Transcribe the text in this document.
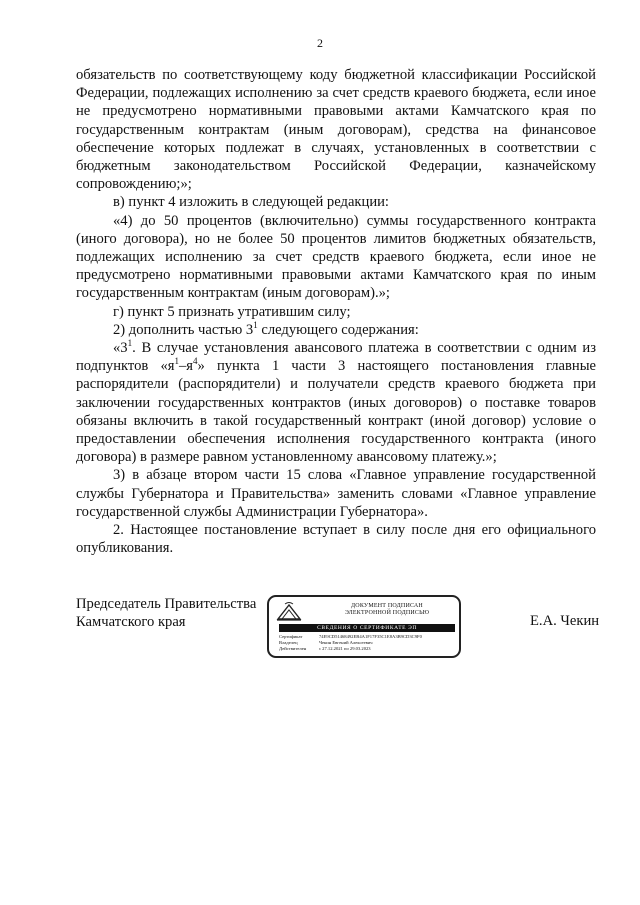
2

обязательств по соответствующему коду бюджетной классификации Российской Федерации, подлежащих исполнению за счет средств краевого бюджета, если иное не предусмотрено нормативными правовыми актами Камчатского края по государственным контрактам (иным договорам), средства на финансовое обеспечение которых подлежат в случаях, установленных в соответствии с бюджетным законодательством Российской Федерации, казначейскому сопровождению;»;

в) пункт 4 изложить в следующей редакции:

«4) до 50 процентов (включительно) суммы государственного контракта (иного договора), но не более 50 процентов лимитов бюджетных обязательств, подлежащих исполнению за счет средств краевого бюджета, если иное не предусмотрено нормативными правовыми актами Камчатского края по иным государственным контрактам (иным договорам).»;

г) пункт 5 признать утратившим силу;

2) дополнить частью $3^1$ следующего содержания:

«$3^1$. В случае установления авансового платежа в соответствии с одним из подпунктов «$я^1-я^4$» пункта 1 части 3 настоящего постановления главные распорядители (распорядители) и получатели средств краевого бюджета при заключении государственных контрактов (иных договоров) о поставке товаров обязаны включить в такой государственный контракт (иной договор) условие о предоставлении обеспечения исполнения государственного контракта (иного договора) в размере равном установленному авансовому платежу.»;

3) в абзаце втором части 15 слова «Главное управление государственной службы Губернатора и Правительства» заменить словами «Главное управление государственной службы Администрации Губернатора».

2. Настоящее постановление вступает в силу после дня его официального опубликования.

Председатель Правительства
Камчатского края
ДОКУМЕНТ ПОДПИСАН
ЭЛЕКТРОННОЙ ПОДПИСЬЮ
СВЕДЕНИЯ О СЕРТИФИКАТЕ ЭП
Сертификат	74E9CD51468492EB4A1F17F35C1E8A3B9CD3C9F0
Владелец	Чекин Евгений Алексеевич
Действителен	с 27.12.2021 по 29.03.2023
Е.А. Чекин
